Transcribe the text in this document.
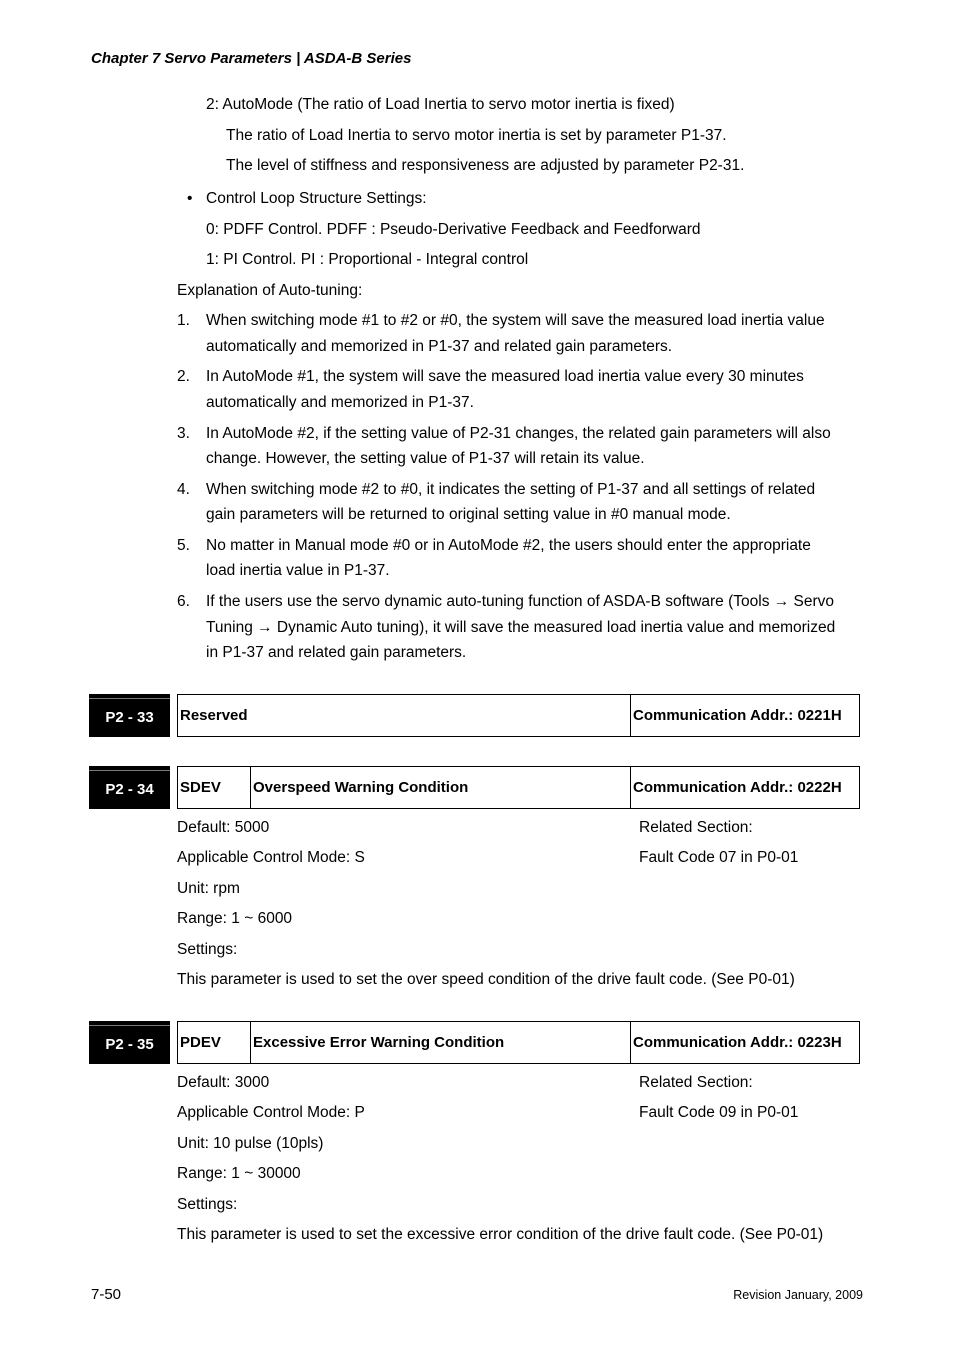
Chapter 7 Servo Parameters | ASDA-B Series
2: AutoMode (The ratio of Load Inertia to servo motor inertia is fixed)
The ratio of Load Inertia to servo motor inertia is set by parameter P1-37.
The level of stiffness and responsiveness are adjusted by parameter P2-31.
• Control Loop Structure Settings:
0: PDFF Control. PDFF : Pseudo-Derivative Feedback and Feedforward
1: PI Control. PI : Proportional - Integral control
Explanation of Auto-tuning:
1.	When switching mode #1 to #2 or #0, the system will save the measured load inertia value
automatically and memorized in P1-37 and related gain parameters.
2.	In AutoMode #1, the system will save the measured load inertia value every 30 minutes
automatically and memorized in P1-37.
3.	In AutoMode #2, if the setting value of P2-31 changes, the related gain parameters will also
change. However, the setting value of P1-37 will retain its value.
4.	When switching mode #2 to #0, it indicates the setting of P1-37 and all settings of related
gain parameters will be returned to original setting value in #0 manual mode.
5.	No matter in Manual mode #0 or in AutoMode #2, the users should enter the appropriate
load inertia value in P1-37.
6.	If the users use the servo dynamic auto-tuning function of ASDA-B software (Tools → Servo
Tuning → Dynamic Auto tuning), it will save the measured load inertia value and memorized
in P1-37 and related gain parameters.
P2 - 33 Reserved	Communication Addr.: 0221H
P2 - 34 SDEV	Overspeed Warning Condition	Communication Addr.: 0222H
Default: 5000	Related Section:
Applicable Control Mode: S	Fault Code 07 in P0-01
Unit: rpm
Range: 1 ~ 6000
Settings:
This parameter is used to set the over speed condition of the drive fault code. (See P0-01)
P2 - 35 PDEV	Excessive Error Warning Condition	Communication Addr.: 0223H
Default: 3000	Related Section:
Applicable Control Mode: P	Fault Code 09 in P0-01
Unit: 10 pulse (10pls)
Range: 1 ~ 30000
Settings:
This parameter is used to set the excessive error condition of the drive fault code. (See P0-01)
7-50	Revision January, 2009
